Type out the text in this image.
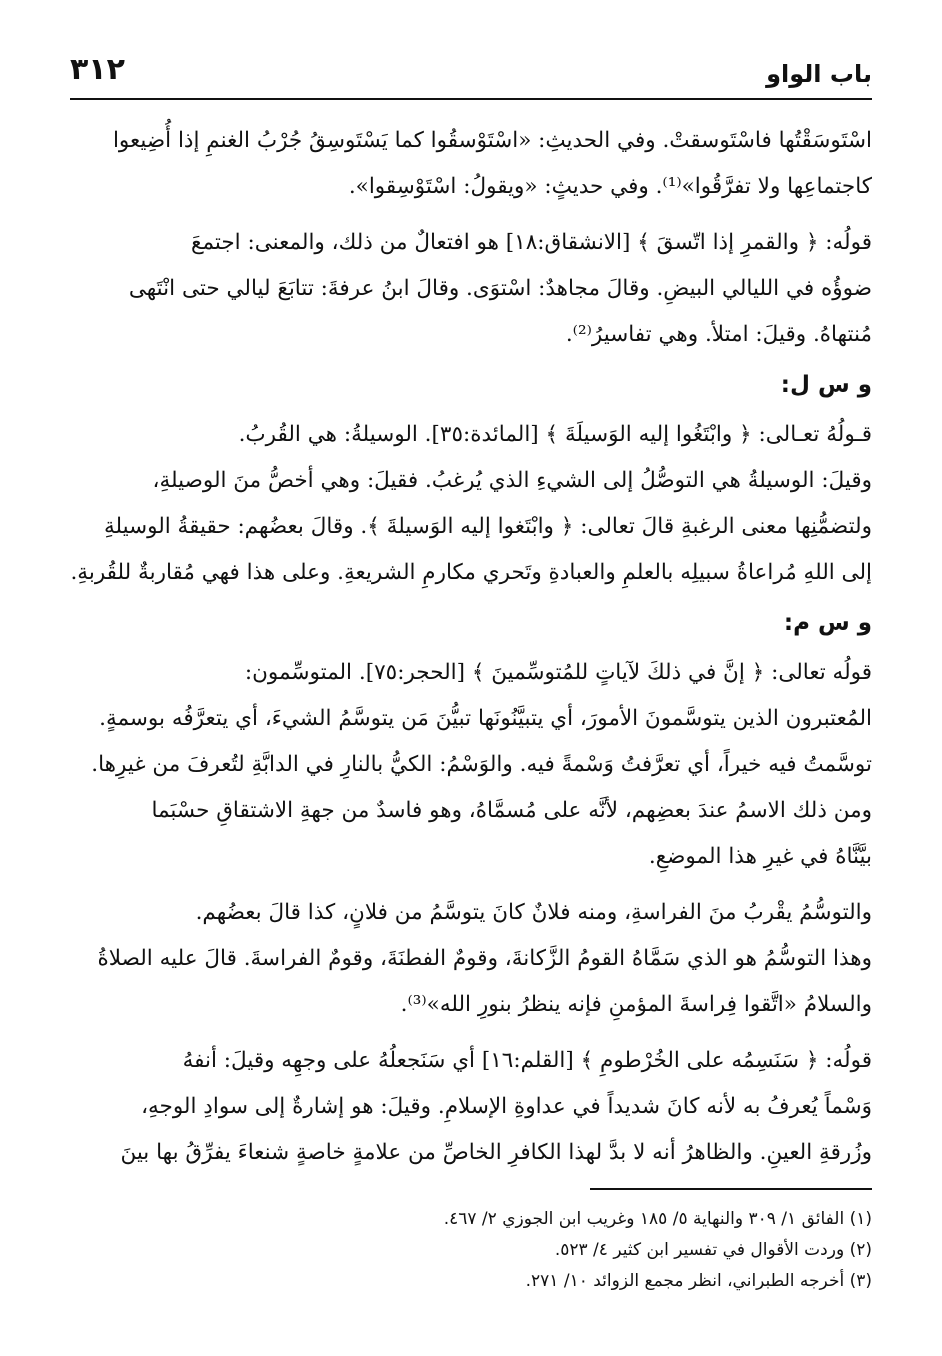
٣١٢	باب الواو

اسْتَوسَقْتُها فاسْتَوسقتْ. وفي الحديثِ: «اسْتَوْسقُوا كما يَسْتَوسِقُ جُرْبُ الغنمِ إذا أُضِيعوا
كاجتماعِها ولا تفرَّقُوا»⁽¹⁾. وفي حديثٍ: «ويقولُ: اسْتَوْسِقوا».

قولُه: ﴿ والقمرِ إذا اتّسقَ ﴾ [الانشقاق:١٨] هو افتعالٌ من ذلك، والمعنى: اجتمعَ
ضوؤُه في الليالي البيضِ. وقالَ مجاهدٌ: اسْتوَى. وقالَ ابنُ عرفةَ: تتابَعَ ليالي حتى انْتَهى
مُنتهاهُ. وقيلَ: امتلأ. وهي تفاسيرُ⁽²⁾.

و س ل:

قـولُهُ تعـالى: ﴿ وابْتَغُوا إليه الوَسيلَةَ ﴾ [المائدة:٣٥]. الوسيلةُ: هي القُربُ.
وقيلَ: الوسيلةُ هي التوصُّلُ إلى الشيءِ الذي يُرغبُ. فقيلَ: وهي أخصُّ منَ الوصيلةِ،
ولتضمُّنِها معنى الرغبةِ قالَ تعالى: ﴿ وابْتَغوا إليه الوَسيلةَ ﴾. وقالَ بعضُهم: حقيقةُ الوسيلةِ
إلى اللهِ مُراعاةُ سبيلِه بالعلمِ والعبادةِ وتَحري مكارمِ الشريعةِ. وعلى هذا فهي مُقاربةٌ للقُربةِ.

و س م:

قولُه تعالى: ﴿ إنَّ في ذلكَ لآياتٍ للمُتوسِّمينَ ﴾ [الحجر:٧٥]. المتوسِّمون:
المُعتبرون الذين يتوسَّمونَ الأمورَ، أي يتبيَّنُونَها تبيُّنَ مَن يتوسَّمُ الشيءَ، أي يتعرَّفُه بوسمةٍ.
توسَّمتُ فيه خيراً، أي تعرَّفتُ وَسْمةً فيه. والوَسْمُ: الكيُّ بالنارِ في الدابَّةِ لتُعرفَ من غيرِها.
ومن ذلك الاسمُ عندَ بعضِهم، لأنَّه على مُسمَّاهُ، وهو فاسدٌ من جهةِ الاشتقاقِ حسْبَما
بيَّنَّاهُ في غيرِ هذا الموضعِ.

والتوسُّمُ يقْربُ منَ الفراسةِ، ومنه فلانٌ كانَ يتوسَّمُ من فلانٍ، كذا قالَ بعضُهم.
وهذا التوسُّمُ هو الذي سَمَّاهُ القومُ الزَّكانةَ، وقومٌ الفطنَةَ، وقومٌ الفراسةَ. قالَ عليه الصلاةُ
والسلامُ «اتَّقوا فِراسةَ المؤمنِ فإنه ينظرُ بنورِ الله»⁽³⁾.

قولُه: ﴿ سَنَسِمُه على الخُرْطومِ ﴾ [القلم:١٦] أي سَنَجعلُهُ على وجهِه وقيلَ: أنفهُ
وَسْماً يُعرفُ به لأنه كانَ شديداً في عداوةِ الإسلامِ. وقيلَ: هو إشارةٌ إلى سوادِ الوجهِ،
وزُرقةِ العينِ. والظاهرُ أنه لا بدَّ لهذا الكافرِ الخاصِّ من علامةٍ خاصةٍ شنعاءَ يفرِّقُ بها بينَ

(١) الفائق ١/ ٣٠٩ والنهاية ٥/ ١٨٥ وغريب ابن الجوزي ٢/ ٤٦٧.

(٢) وردت الأقوال في تفسير ابن كثير ٤/ ٥٢٣.

(٣) أخرجه الطبراني، انظر مجمع الزوائد ١٠/ ٢٧١.
